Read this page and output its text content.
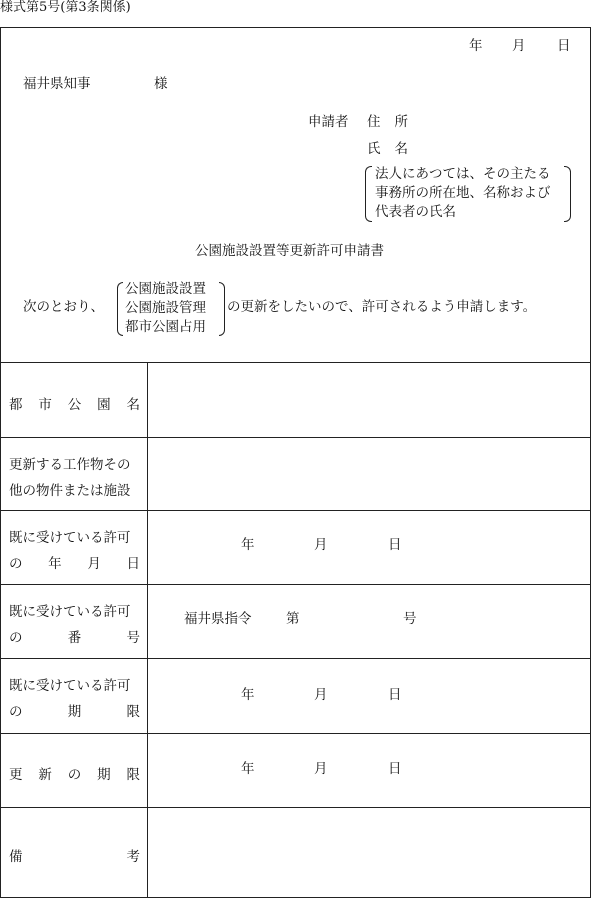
様式第5号(第3条関係)
年 月 日
福井県知事	様
申請者 住所
氏名
法人にあつては、その主たる
事務所の所在地、名称および
代表者の氏名
公園施設設置等更新許可申請書
次のとおり、
公園施設設置
公園施設管理
都市公園占用
の更新をしたいので、許可されるよう申請します。
都 市 公 園 名
更新する工作物その
他の物件または施設
既に受けている許可
の 年 月 日
年	月	日
既に受けている許可
の	番	号
福井県指令	第	号
既に受けている許可
の	期	限
年	月	日
更 新 の 期 限	年	月	日
備	考
